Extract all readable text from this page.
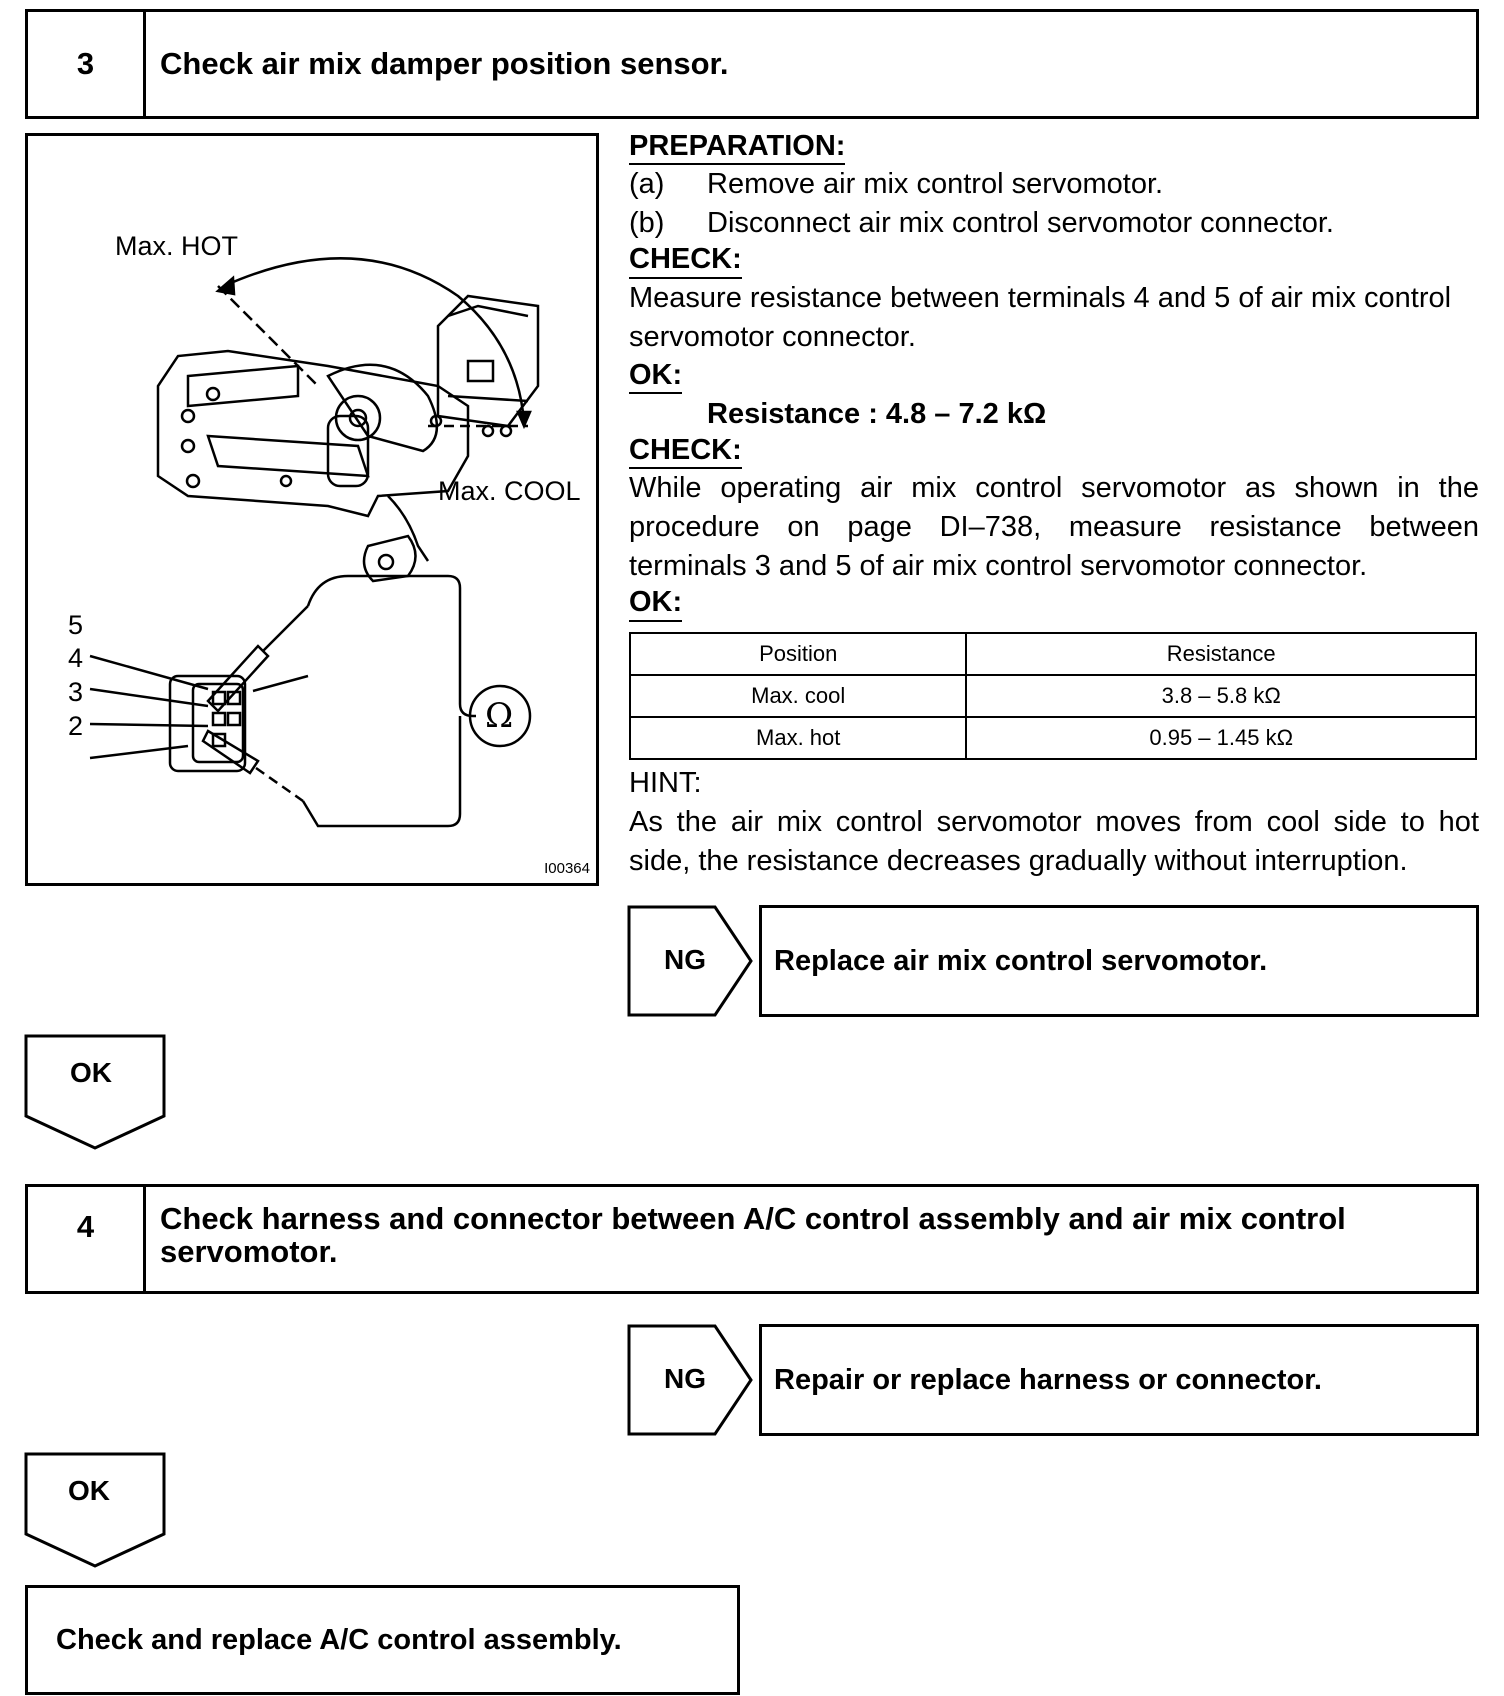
3	Check air mix damper position sensor.
Max. HOT
Max. COOL
5
4
3
2	Ω
I00364
PREPARATION:
(a)	Remove air mix control servomotor.
(b)	Disconnect air mix control servomotor connector.
CHECK:
Measure resistance between terminals 4 and 5 of air mix control servomotor connector.
OK:
Resistance : 4.8 – 7.2 kΩ
CHECK:
While operating air mix control servomotor as shown in the procedure on page DI–738, measure resistance between terminals 3 and 5 of air mix control servomotor connector.
OK:
Position	Resistance
Max. cool	3.8 – 5.8 kΩ
Max. hot	0.95 – 1.45 kΩ
HINT:
As the air mix control servomotor moves from cool side to hot side, the resistance decreases gradually without interruption.
NG Replace air mix control servomotor.
OK
4	Check harness and connector between A/C control assembly and air mix control servomotor.
NG Repair or replace harness or connector.
OK
Check and replace A/C control assembly.
